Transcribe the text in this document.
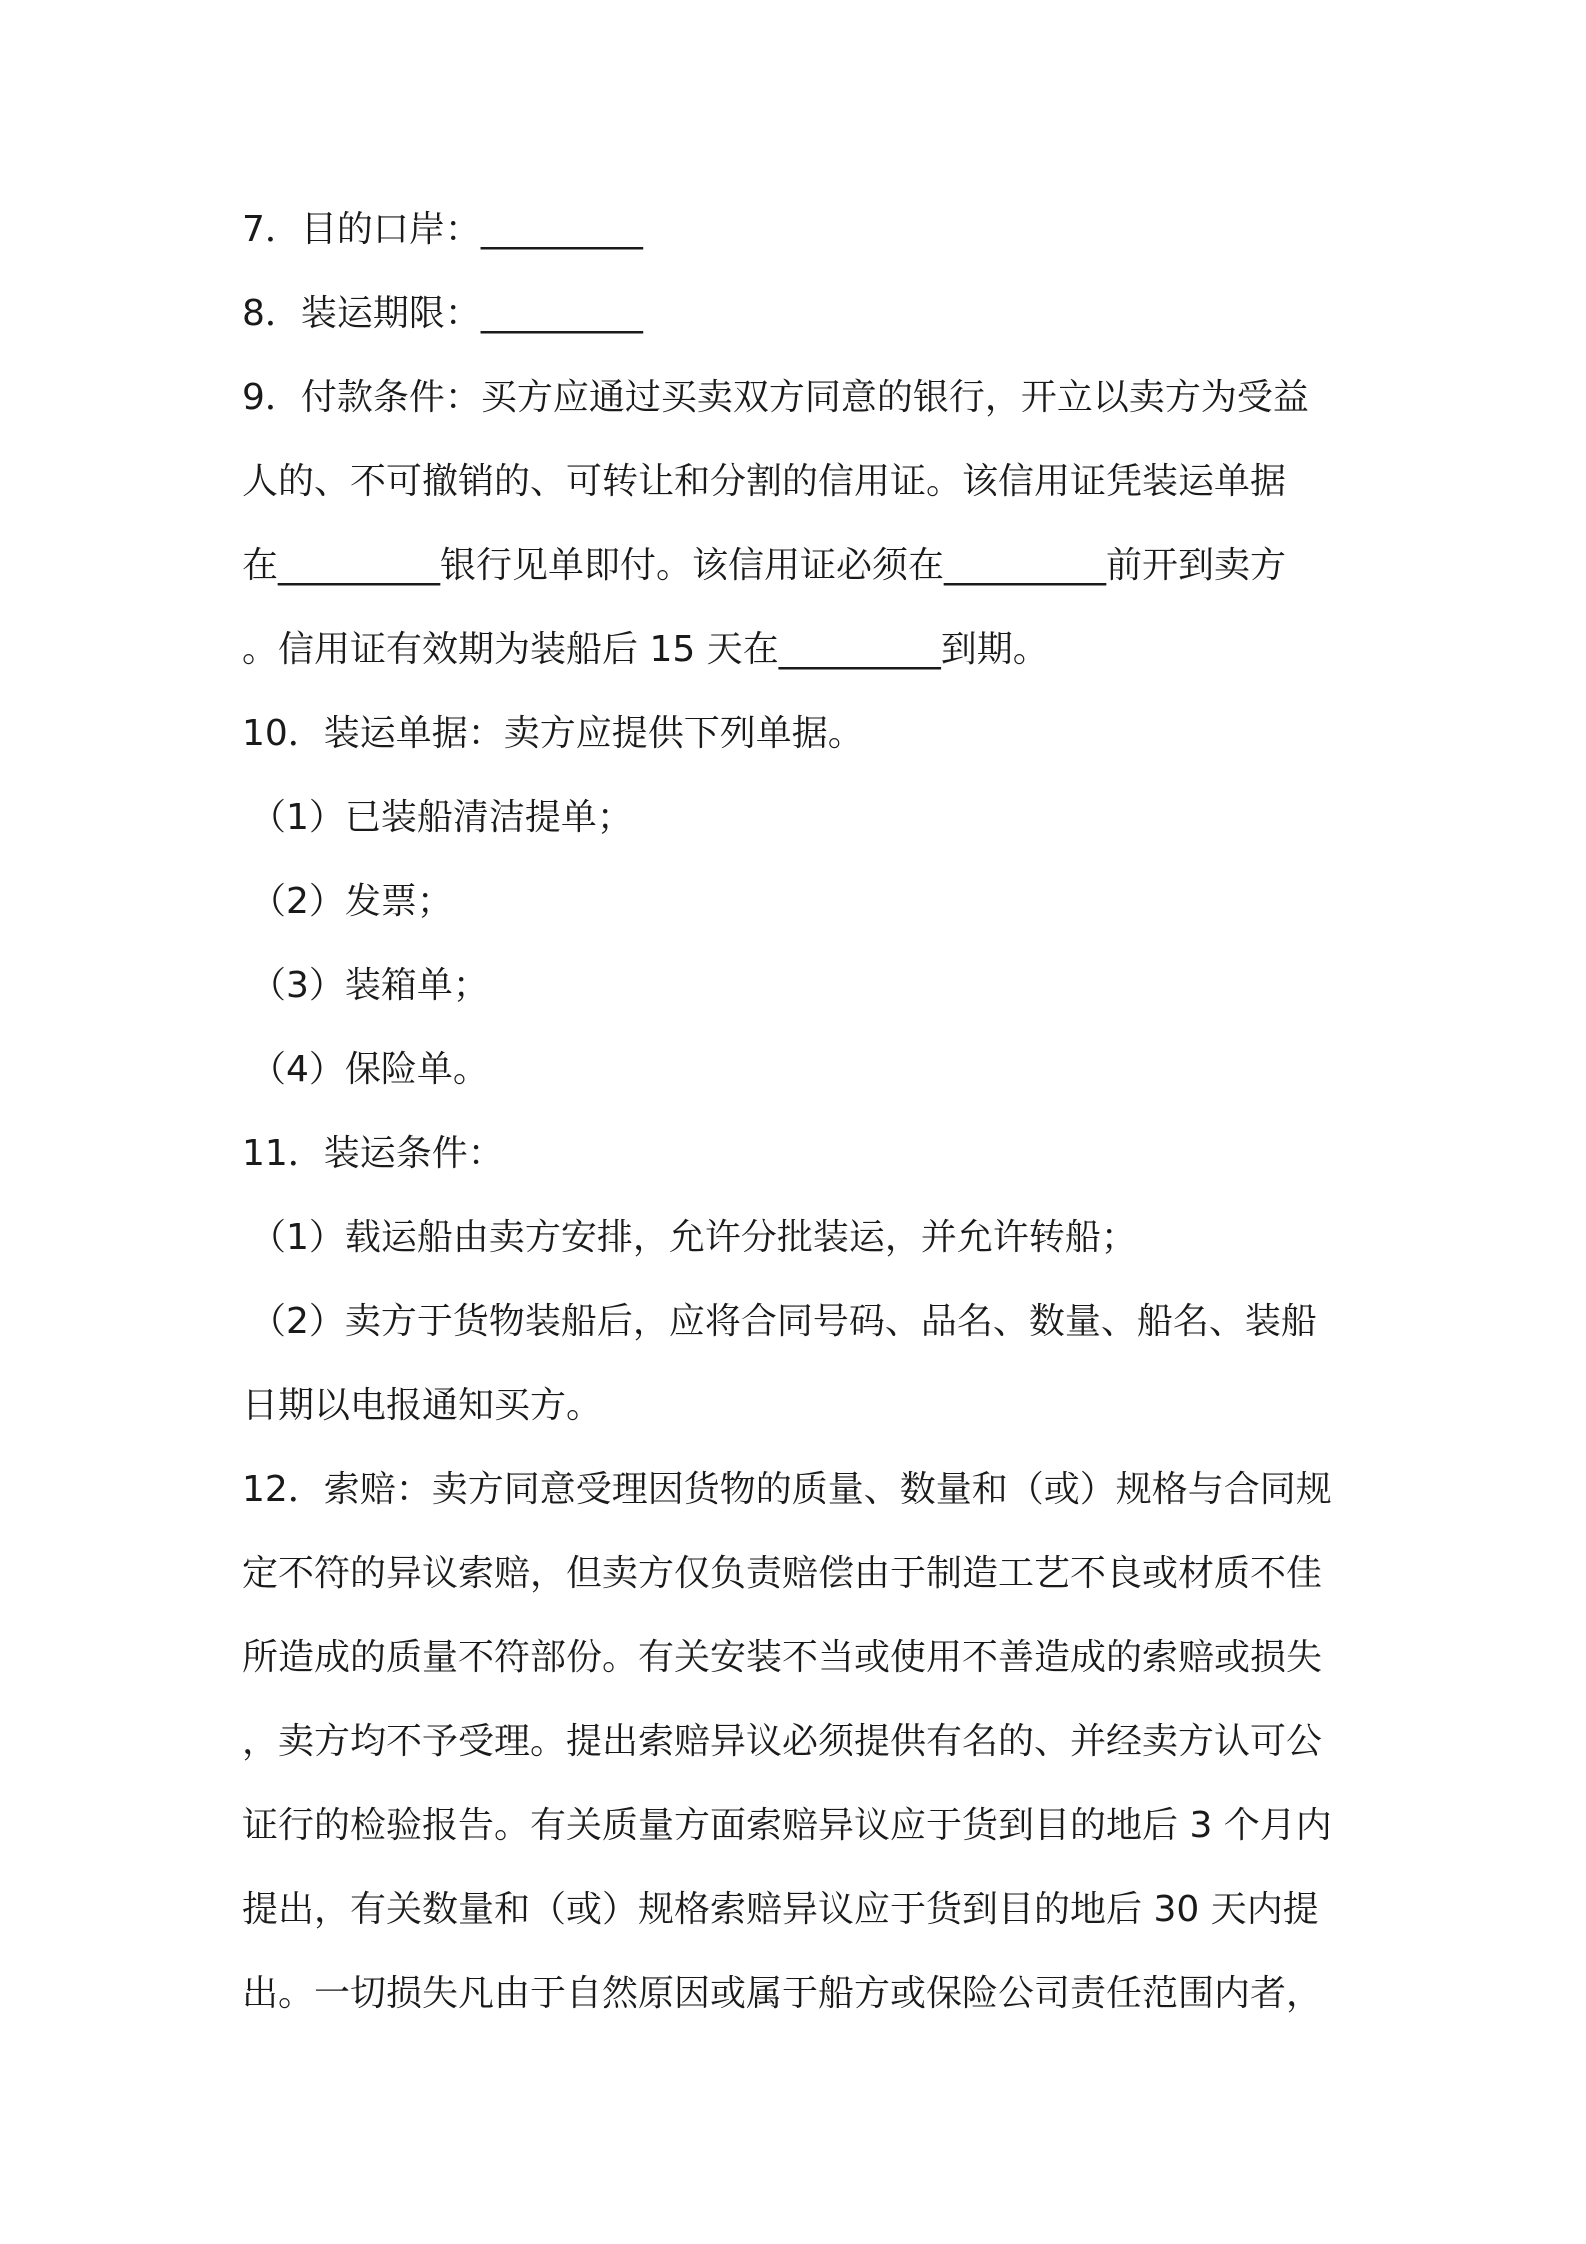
7．目的口岸：_________
8．装运期限：_________
9．付款条件：买方应通过买卖双方同意的银行，开立以卖方为受益
人的、不可撤销的、可转让和分割的信用证。该信用证凭装运单据
在_________银行见单即付。该信用证必须在_________前开到卖方
。信用证有效期为装船后 15 天在_________到期。
10．装运单据：卖方应提供下列单据。
（1）已装船清洁提单；
（2）发票；
（3）装箱单；
（4）保险单。
11．装运条件：
（1）载运船由卖方安排，允许分批装运，并允许转船；
（2）卖方于货物装船后，应将合同号码、品名、数量、船名、装船
日期以电报通知买方。
12．索赔：卖方同意受理因货物的质量、数量和（或）规格与合同规
定不符的异议索赔，但卖方仅负责赔偿由于制造工艺不良或材质不佳
所造成的质量不符部份。有关安装不当或使用不善造成的索赔或损失
，卖方均不予受理。提出索赔异议必须提供有名的、并经卖方认可公
证行的检验报告。有关质量方面索赔异议应于货到目的地后 3 个月内
提出，有关数量和（或）规格索赔异议应于货到目的地后 30 天内提
出。一切损失凡由于自然原因或属于船方或保险公司责任范围内者，
